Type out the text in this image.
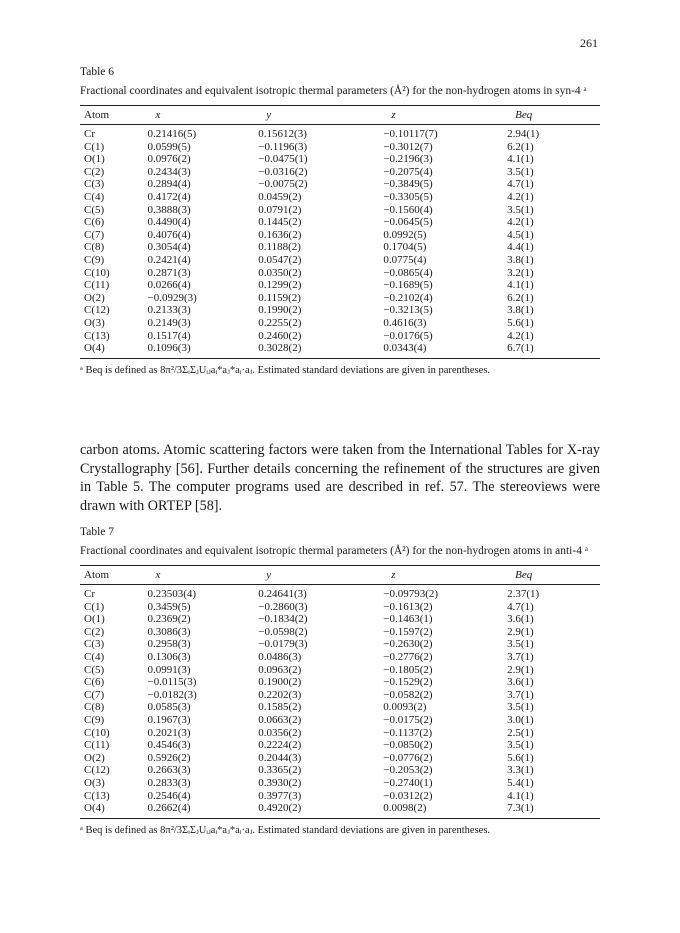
261

Table 6

Fractional coordinates and equivalent isotropic thermal parameters (Å²) for the non-hydrogen atoms in syn-4 ᵃ

Atom	x	y	z	Beq
Cr	0.21416(5)	0.15612(3)	−0.10117(7)	2.94(1)
C(1)	0.0599(5)	−0.1196(3)	−0.3012(7)	6.2(1)
O(1)	0.0976(2)	−0.0475(1)	−0.2196(3)	4.1(1)
C(2)	0.2434(3)	−0.0316(2)	−0.2075(4)	3.5(1)
C(3)	0.2894(4)	−0.0075(2)	−0.3849(5)	4.7(1)
C(4)	0.4172(4)	0.0459(2)	−0.3305(5)	4.2(1)
C(5)	0.3888(3)	0.0791(2)	−0.1560(4)	3.5(1)
C(6)	0.4490(4)	0.1445(2)	−0.0645(5)	4.2(1)
C(7)	0.4076(4)	0.1636(2)	0.0992(5)	4.5(1)
C(8)	0.3054(4)	0.1188(2)	0.1704(5)	4.4(1)
C(9)	0.2421(4)	0.0547(2)	0.0775(4)	3.8(1)
C(10)	0.2871(3)	0.0350(2)	−0.0865(4)	3.2(1)
C(11)	0.0266(4)	0.1299(2)	−0.1689(5)	4.1(1)
O(2)	−0.0929(3)	0.1159(2)	−0.2102(4)	6.2(1)
C(12)	0.2133(3)	0.1990(2)	−0.3213(5)	3.8(1)
O(3)	0.2149(3)	0.2255(2)	0.4616(3)	5.6(1)
C(13)	0.1517(4)	0.2460(2)	−0.0176(5)	4.2(1)
O(4)	0.1096(3)	0.3028(2)	0.0343(4)	6.7(1)

ᵃ Beq is defined as 8π²/3ΣᵢΣⱼUᵢⱼaᵢ*aⱼ*aᵢ·aⱼ. Estimated standard deviations are given in parentheses.

carbon atoms. Atomic scattering factors were taken from the International Tables for X-ray Crystallography [56]. Further details concerning the refinement of the structures are given in Table 5. The computer programs used are described in ref. 57. The stereoviews were drawn with ORTEP [58].

Table 7

Fractional coordinates and equivalent isotropic thermal parameters (Å²) for the non-hydrogen atoms in anti-4 ᵃ

Atom	x	y	z	Beq
Cr	0.23503(4)	0.24641(3)	−0.09793(2)	2.37(1)
C(1)	0.3459(5)	−0.2860(3)	−0.1613(2)	4.7(1)
O(1)	0.2369(2)	−0.1834(2)	−0.1463(1)	3.6(1)
C(2)	0.3086(3)	−0.0598(2)	−0.1597(2)	2.9(1)
C(3)	0.2958(3)	−0.0179(3)	−0.2630(2)	3.5(1)
C(4)	0.1306(3)	0.0486(3)	−0.2776(2)	3.7(1)
C(5)	0.0991(3)	0.0963(2)	−0.1805(2)	2.9(1)
C(6)	−0.0115(3)	0.1900(2)	−0.1529(2)	3.6(1)
C(7)	−0.0182(3)	0.2202(3)	−0.0582(2)	3.7(1)
C(8)	0.0585(3)	0.1585(2)	0.0093(2)	3.5(1)
C(9)	0.1967(3)	0.0663(2)	−0.0175(2)	3.0(1)
C(10)	0.2021(3)	0.0356(2)	−0.1137(2)	2.5(1)
C(11)	0.4546(3)	0.2224(2)	−0.0850(2)	3.5(1)
O(2)	0.5926(2)	0.2044(3)	−0.0776(2)	5.6(1)
C(12)	0.2663(3)	0.3365(2)	−0.2053(2)	3.3(1)
O(3)	0.2833(3)	0.3930(2)	−0.2740(1)	5.4(1)
C(13)	0.2546(4)	0.3977(3)	−0.0312(2)	4.1(1)
O(4)	0.2662(4)	0.4920(2)	0.0098(2)	7.3(1)

ᵃ Beq is defined as 8π²/3ΣᵢΣⱼUᵢⱼaᵢ*aⱼ*aᵢ·aⱼ. Estimated standard deviations are given in parentheses.
